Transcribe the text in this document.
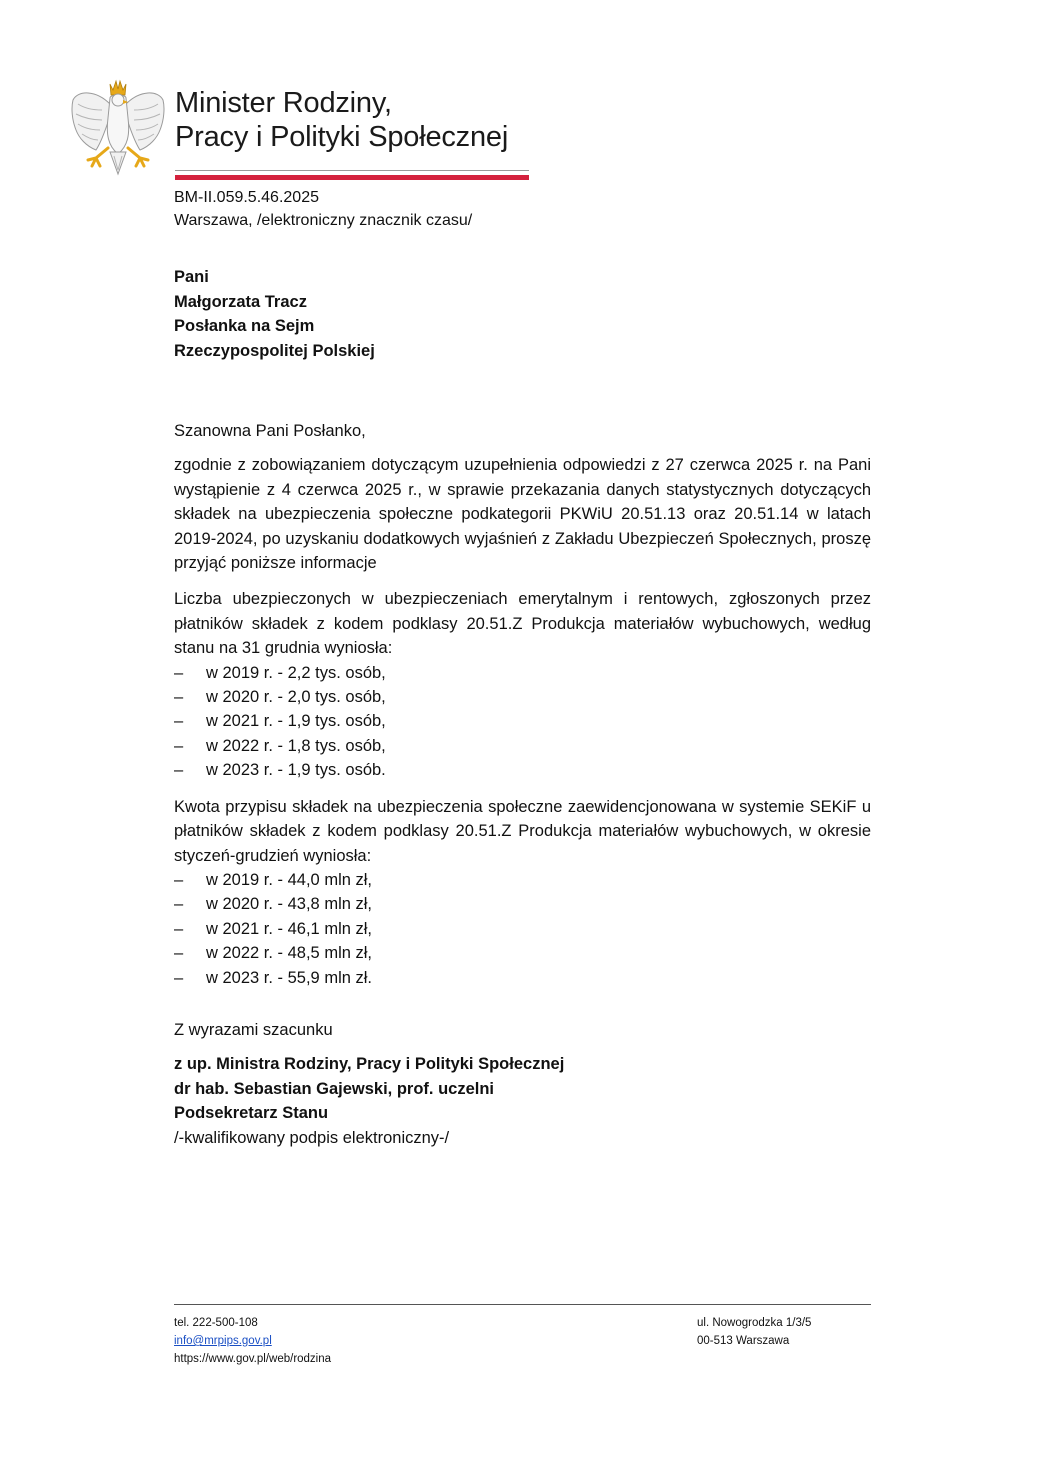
Minister Rodziny,
Pracy i Polityki Społecznej
BM-II.059.5.46.2025
Warszawa, /elektroniczny znacznik czasu/
Pani
Małgorzata Tracz
Posłanka na Sejm
Rzeczypospolitej Polskiej

Szanowna Pani Posłanko,

zgodnie z zobowiązaniem dotyczącym uzupełnienia odpowiedzi z 27 czerwca 2025 r. na Pani wystąpienie z 4 czerwca 2025 r., w sprawie przekazania danych statystycznych dotyczących składek na ubezpieczenia społeczne podkategorii PKWiU 20.51.13 oraz 20.51.14 w latach 2019-2024, po uzyskaniu dodatkowych wyjaśnień z Zakładu Ubezpieczeń Społecznych, proszę przyjąć poniższe informacje

Liczba ubezpieczonych w ubezpieczeniach emerytalnym i rentowych, zgłoszonych przez płatników składek z kodem podklasy 20.51.Z Produkcja materiałów wybuchowych, według stanu na 31 grudnia wyniosła:

– w 2019 r. - 2,2 tys. osób,
– w 2020 r. - 2,0 tys. osób,
– w 2021 r. - 1,9 tys. osób,
– w 2022 r. - 1,8 tys. osób,
– w 2023 r. - 1,9 tys. osób.

Kwota przypisu składek na ubezpieczenia społeczne zaewidencjonowana w systemie SEKiF u płatników składek z kodem podklasy 20.51.Z Produkcja materiałów wybuchowych, w okresie styczeń-grudzień wyniosła:

– w 2019 r. - 44,0 mln zł,
– w 2020 r. - 43,8 mln zł,
– w 2021 r. - 46,1 mln zł,
– w 2022 r. - 48,5 mln zł,
– w 2023 r. - 55,9 mln zł.
Z wyrazami szacunku
z up. Ministra Rodziny, Pracy i Polityki Społecznej
dr hab. Sebastian Gajewski, prof. uczelni
Podsekretarz Stanu
/-kwalifikowany podpis elektroniczny-/
tel. 222-500-108
info@mrpips.gov.pl
https://www.gov.pl/web/rodzina
ul. Nowogrodzka 1/3/5
00-513 Warszawa
